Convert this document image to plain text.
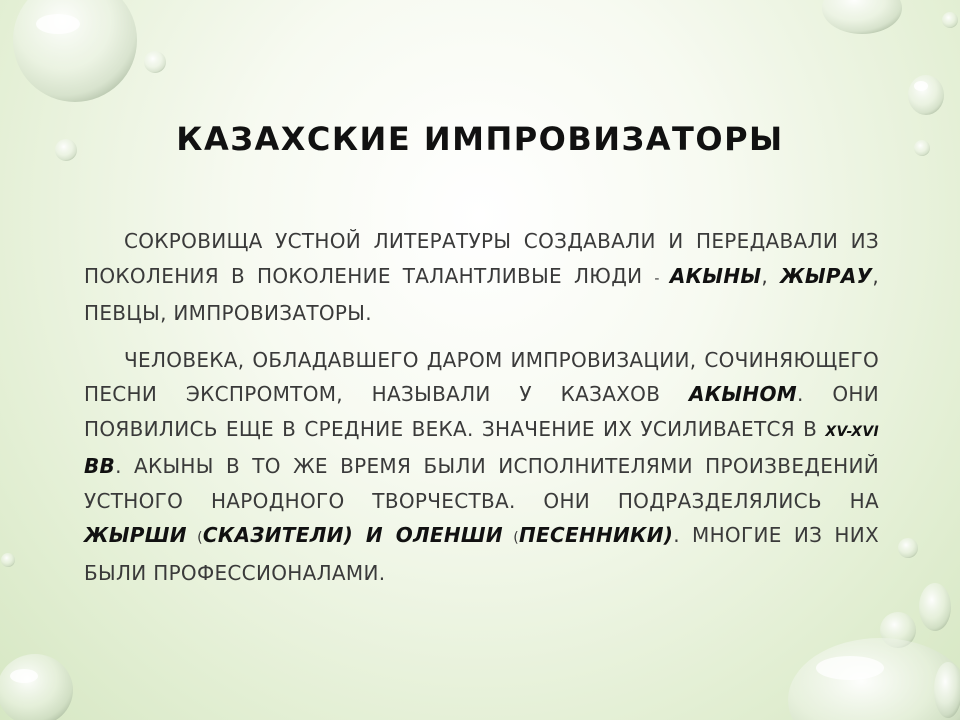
КАЗАХСКИЕ ИМПРОВИЗАТОРЫ

СОКРОВИЩА УСТНОЙ ЛИТЕРАТУРЫ СОЗДАВАЛИ И ПЕРЕДАВАЛИ ИЗ ПОКОЛЕНИЯ В ПОКОЛЕНИЕ ТАЛАНТЛИВЫЕ ЛЮДИ - АКЫНЫ, ЖЫРАУ, ПЕВЦЫ, ИМПРОВИЗАТОРЫ.

ЧЕЛОВЕКА, ОБЛАДАВШЕГО ДАРОМ ИМПРОВИЗАЦИИ, СОЧИНЯЮЩЕГО ПЕСНИ ЭКСПРОМТОМ, НАЗЫВАЛИ У КАЗАХОВ АКЫНОМ. ОНИ ПОЯВИЛИСЬ ЕЩЕ В СРЕДНИЕ ВЕКА. ЗНАЧЕНИЕ ИХ УСИЛИВАЕТСЯ В XV-XVI ВВ. АКЫНЫ В ТО ЖЕ ВРЕМЯ БЫЛИ ИСПОЛНИТЕЛЯМИ ПРОИЗВЕДЕНИЙ УСТНОГО НАРОДНОГО ТВОРЧЕСТВА. ОНИ ПОДРАЗДЕЛЯЛИСЬ НА ЖЫРШИ (СКАЗИТЕЛИ) И ОЛЕНШИ (ПЕСЕННИКИ). МНОГИЕ ИЗ НИХ БЫЛИ ПРОФЕССИОНАЛАМИ.
